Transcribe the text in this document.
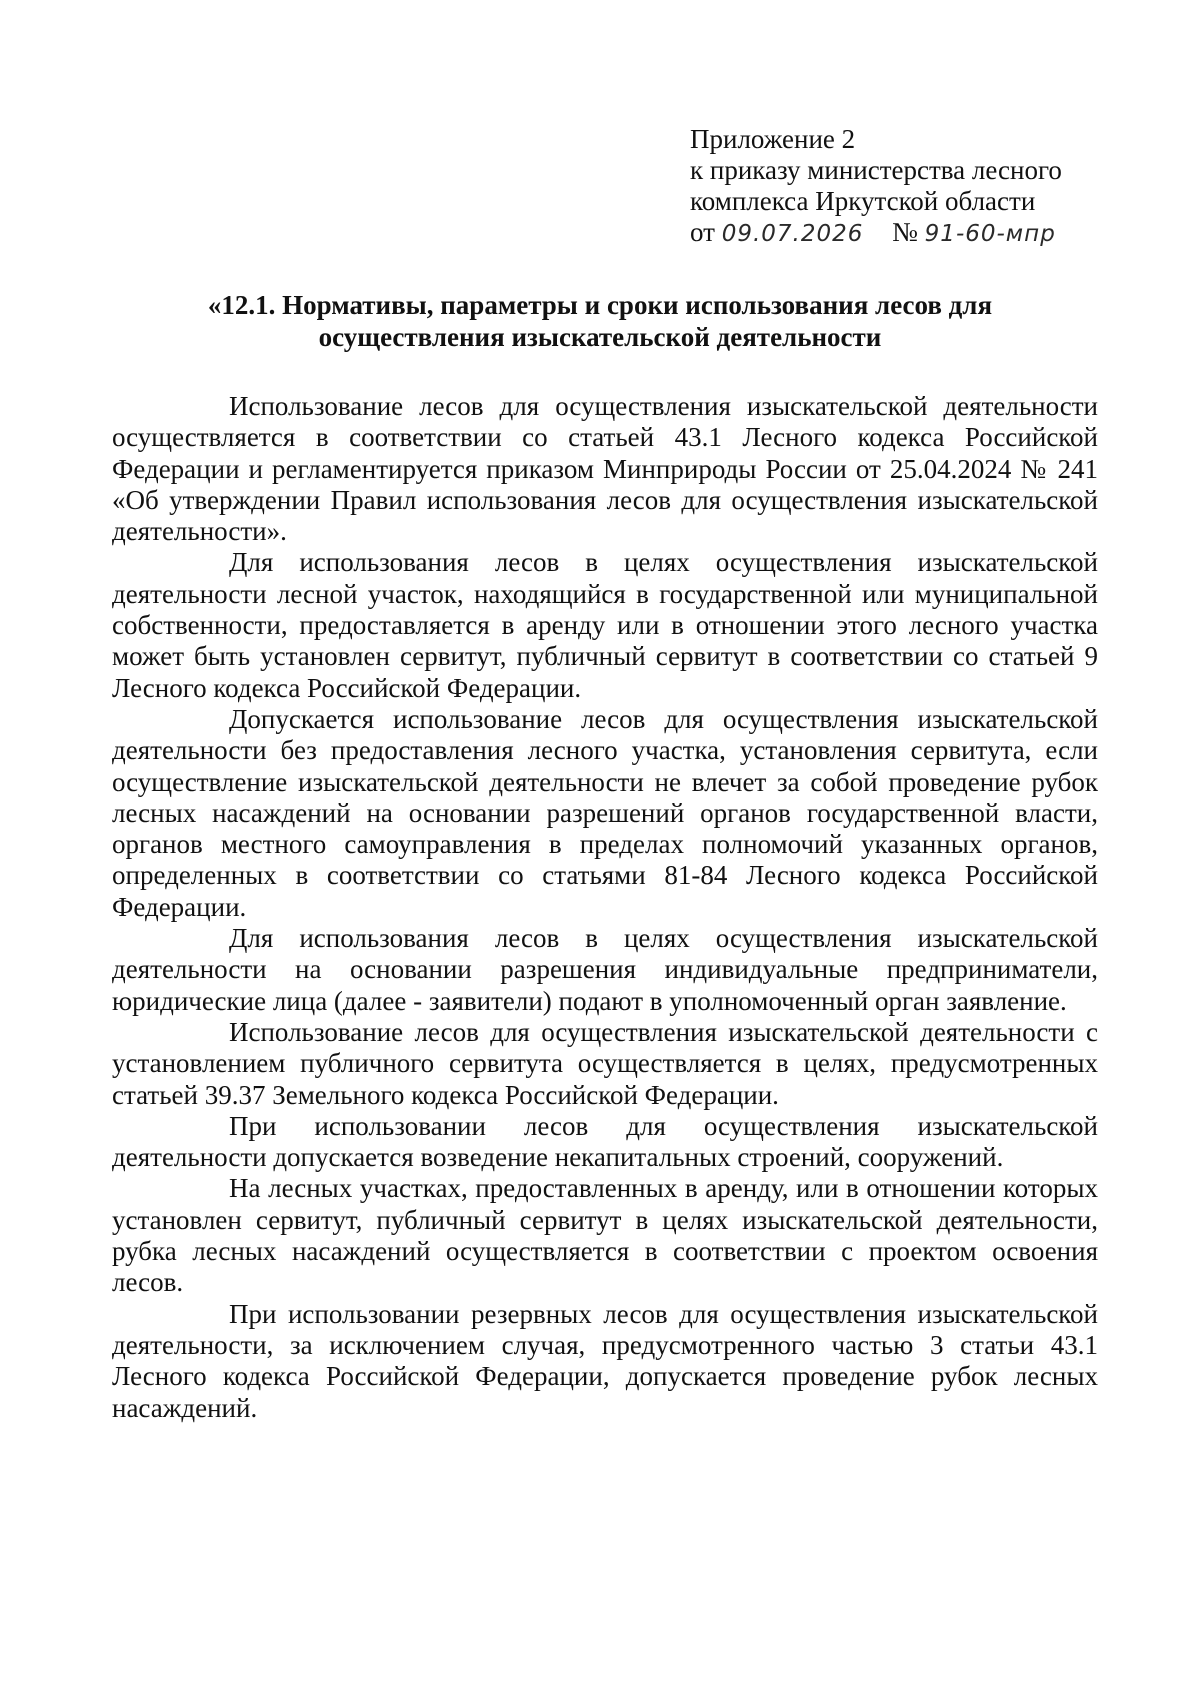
Приложение 2
к приказу министерства лесного
комплекса Иркутской области
от 09.07.2026 № 91-60-мпр
«12.1. Нормативы, параметры и сроки использования лесов для
осуществления изыскательской деятельности

Использование лесов для осуществления изыскательской деятельности осуществляется в соответствии со статьей 43.1 Лесного кодекса Российской Федерации и регламентируется приказом Минприроды России от 25.04.2024 № 241 «Об утверждении Правил использования лесов для осуществления изыскательской деятельности».

Для использования лесов в целях осуществления изыскательской деятельности лесной участок, находящийся в государственной или муниципальной собственности, предоставляется в аренду или в отношении этого лесного участка может быть установлен сервитут, публичный сервитут в соответствии со статьей 9 Лесного кодекса Российской Федерации.

Допускается использование лесов для осуществления изыскательской деятельности без предоставления лесного участка, установления сервитута, если осуществление изыскательской деятельности не влечет за собой проведение рубок лесных насаждений на основании разрешений органов государственной власти, органов местного самоуправления в пределах полномочий указанных органов, определенных в соответствии со статьями 81-84 Лесного кодекса Российской Федерации.

Для использования лесов в целях осуществления изыскательской деятельности на основании разрешения индивидуальные предприниматели, юридические лица (далее - заявители) подают в уполномоченный орган заявление.

Использование лесов для осуществления изыскательской деятельности с установлением публичного сервитута осуществляется в целях, предусмотренных статьей 39.37 Земельного кодекса Российской Федерации.

При использовании лесов для осуществления изыскательской деятельности допускается возведение некапитальных строений, сооружений.

На лесных участках, предоставленных в аренду, или в отношении которых установлен сервитут, публичный сервитут в целях изыскательской деятельности, рубка лесных насаждений осуществляется в соответствии с проектом освоения лесов.

При использовании резервных лесов для осуществления изыскательской деятельности, за исключением случая, предусмотренного частью 3 статьи 43.1 Лесного кодекса Российской Федерации, допускается проведение рубок лесных насаждений.
